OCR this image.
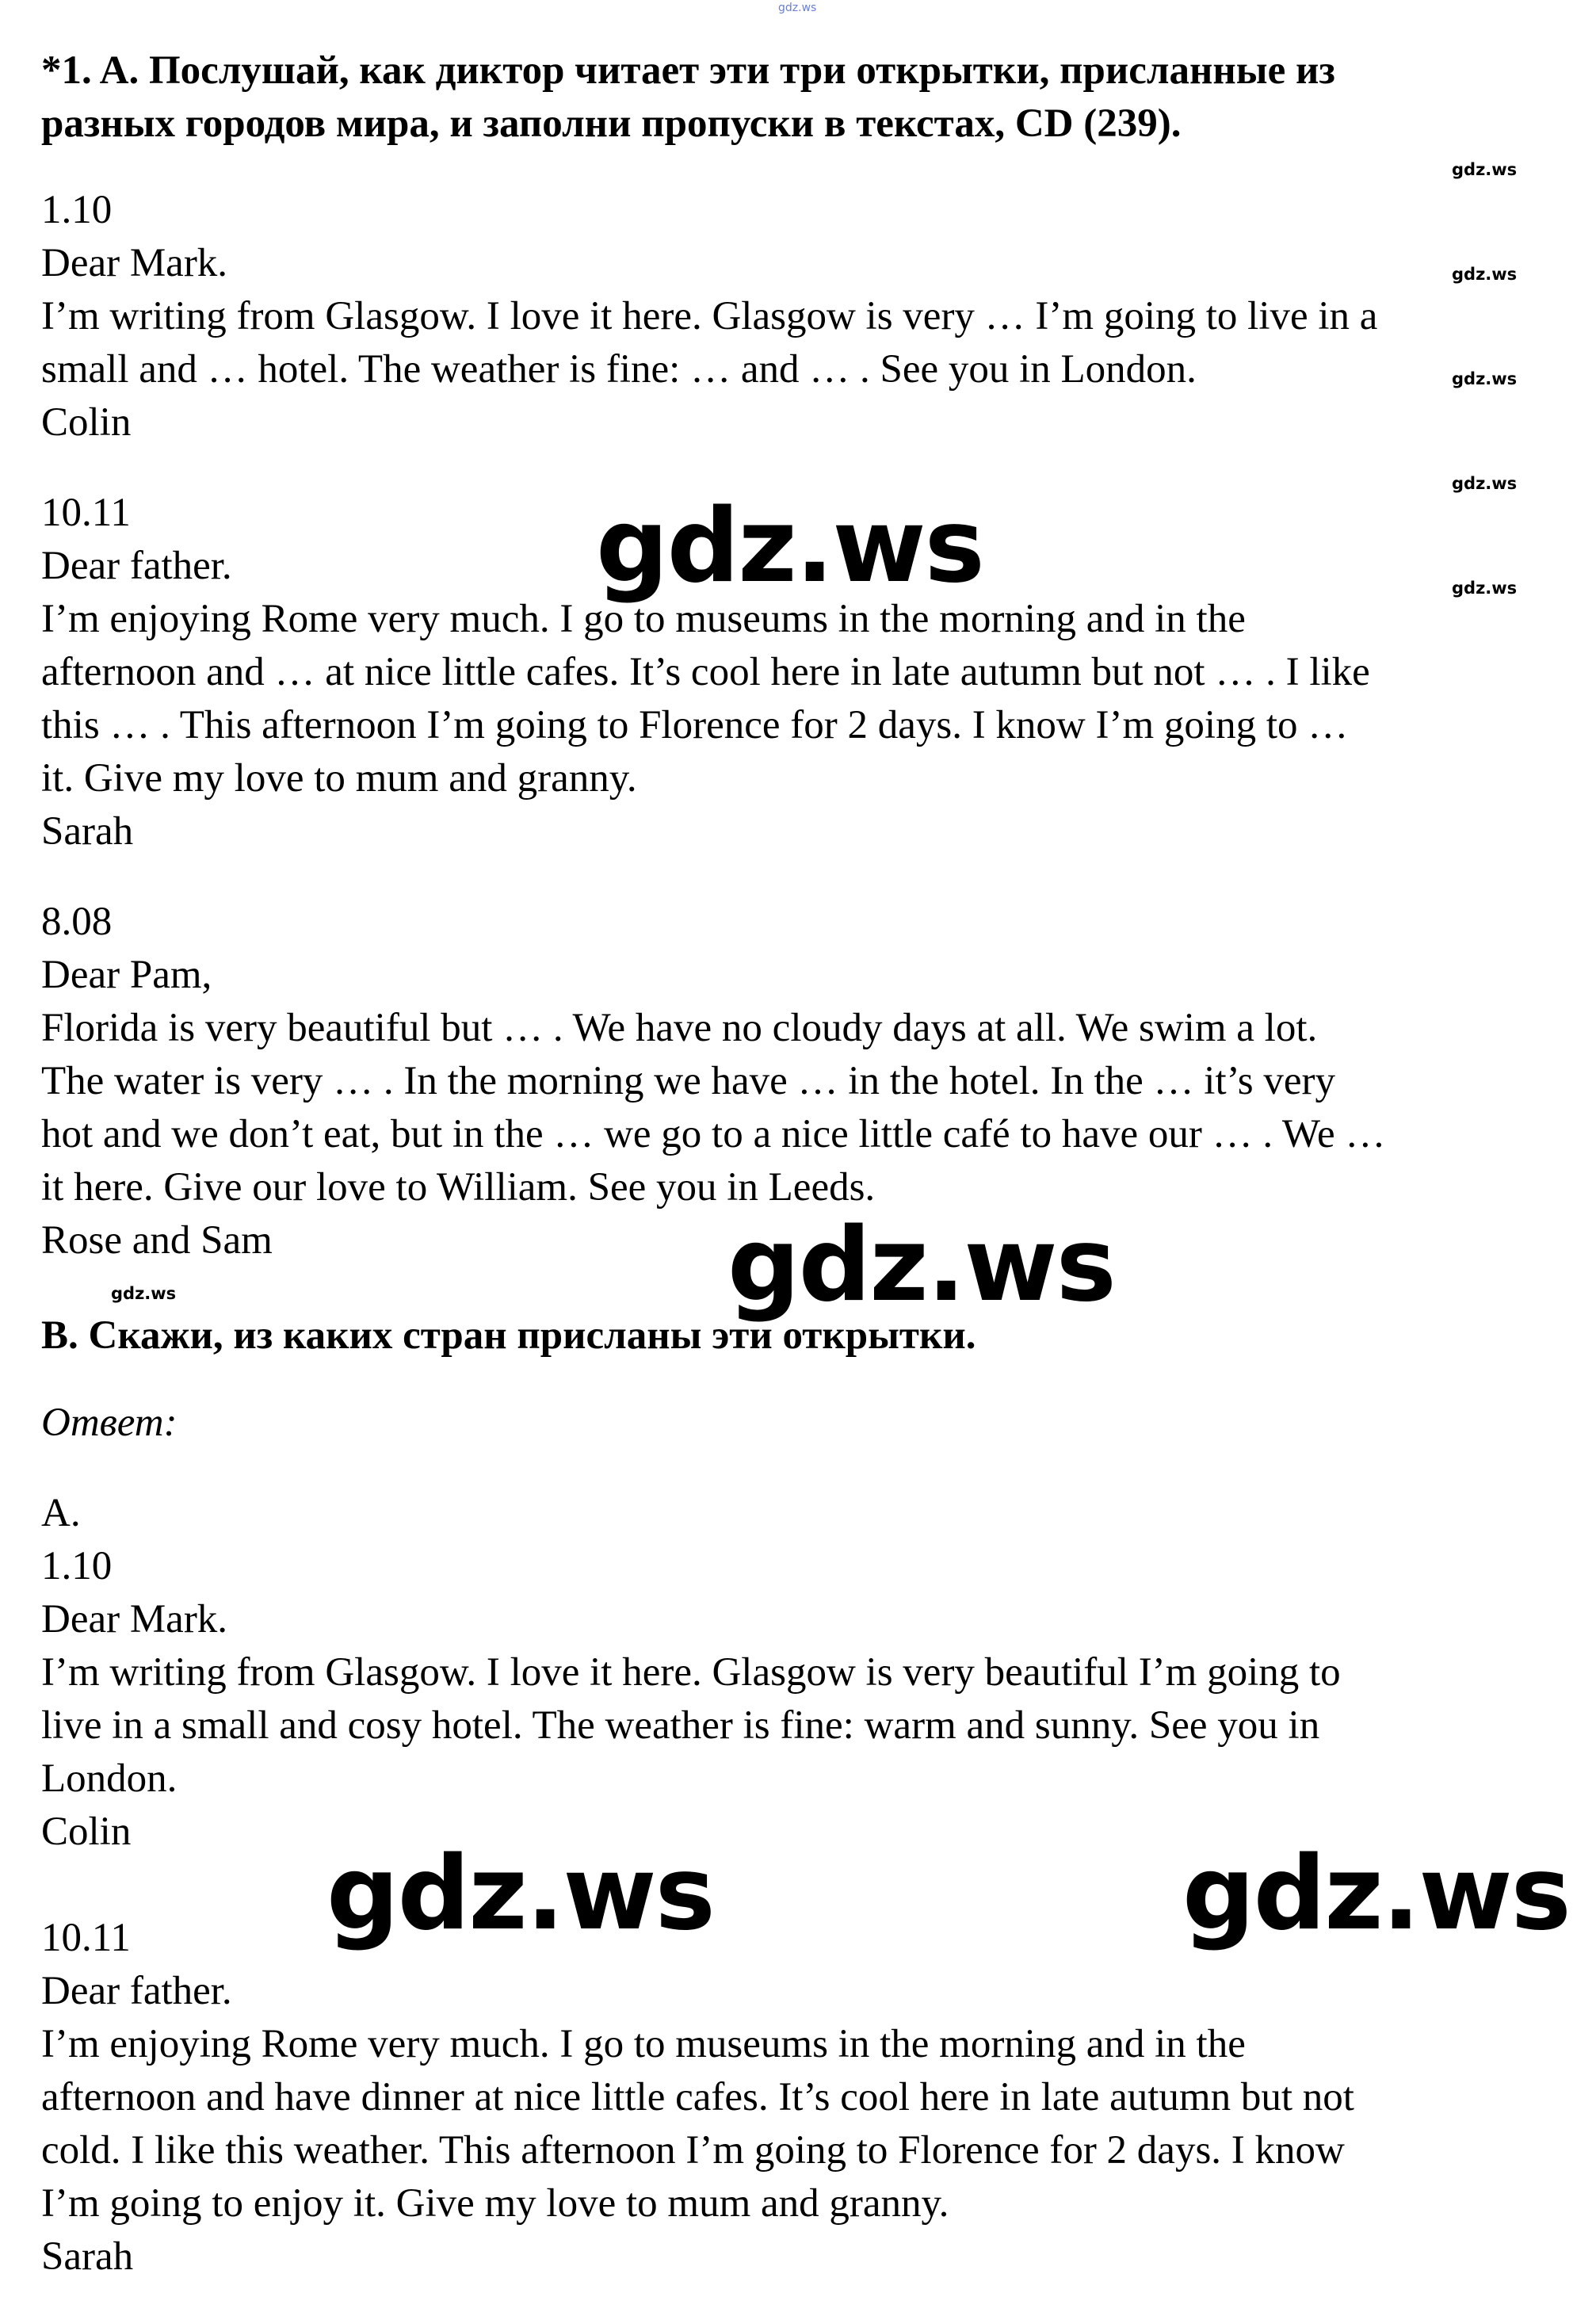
gdz.ws
gdz.ws
gdz.ws
gdz.ws
gdz.ws
gdz.ws
gdz.ws
gdz.ws
gdz.ws
gdz.ws	gdz.ws
*1. A. Послушай, как диктор читает эти три открытки, присланные из
разных городов мира, и заполни пропуски в текстах, CD (239).
1.10
Dear Mark.
I’m writing from Glasgow. I love it here. Glasgow is very … I’m going to live in a
small and … hotel. The weather is fine: … and … . See you in London.
Colin
10.11
Dear father.
I’m enjoying Rome very much. I go to museums in the morning and in the
afternoon and … at nice little cafes. It’s cool here in late autumn but not … . I like
this … . This afternoon I’m going to Florence for 2 days. I know I’m going to …
it. Give my love to mum and granny.
Sarah
8.08
Dear Pam,
Florida is very beautiful but … . We have no cloudy days at all. We swim a lot.
The water is very … . In the morning we have … in the hotel. In the … it’s very
hot and we don’t eat, but in the … we go to a nice little café to have our … . We …
it here. Give our love to William. See you in Leeds.
Rose and Sam
B. Скажи, из каких стран присланы эти открытки.
Ответ:
A.
1.10
Dear Mark.
I’m writing from Glasgow. I love it here. Glasgow is very beautiful I’m going to
live in a small and cosy hotel. The weather is fine: warm and sunny. See you in
London.
Colin
10.11
Dear father.
I’m enjoying Rome very much. I go to museums in the morning and in the
afternoon and have dinner at nice little cafes. It’s cool here in late autumn but not
cold. I like this weather. This afternoon I’m going to Florence for 2 days. I know
I’m going to enjoy it. Give my love to mum and granny.
Sarah
